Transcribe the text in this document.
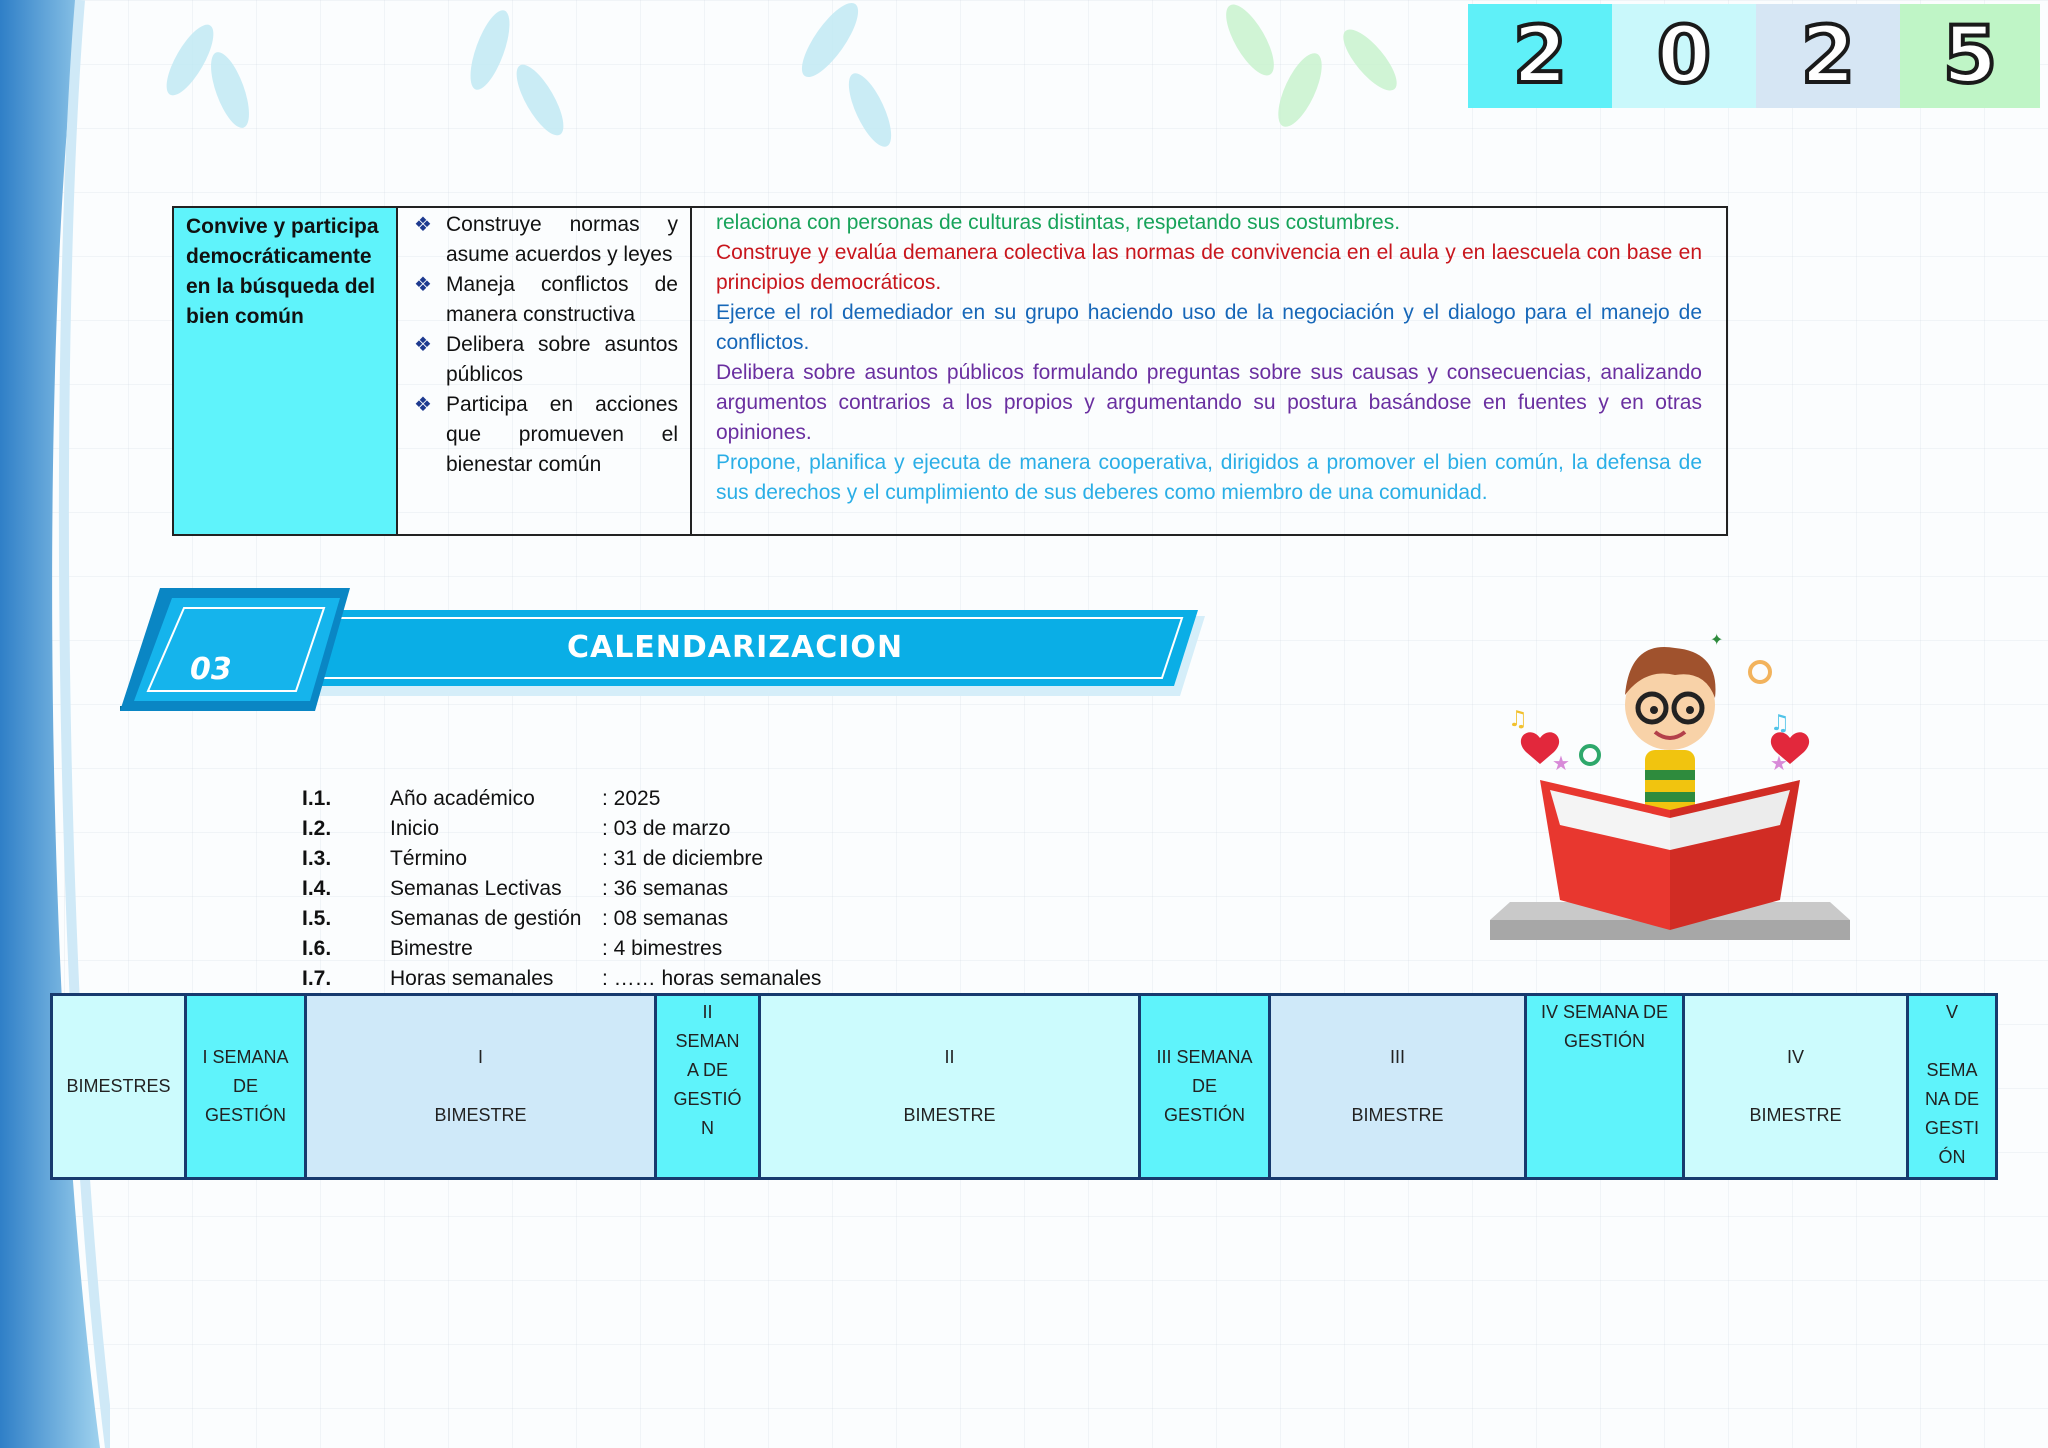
2	0	2	5
Convive y participa democráticamente en la búsqueda del bien común	
❖ Construye normas y asume acuerdos y leyes
❖ Maneja conflictos de manera constructiva
❖ Delibera sobre asuntos públicos
❖ Participa en acciones que promueven el bienestar común

relaciona con personas de culturas distintas, respetando sus costumbres.

Construye y evalúa demanera colectiva las normas de convivencia en el aula y en laescuela con base en principios democráticos.

Ejerce el rol demediador en su grupo haciendo uso de la negociación y el dialogo para el manejo de conflictos.

Delibera sobre asuntos públicos formulando preguntas sobre sus causas y consecuencias, analizando argumentos contrarios a los propios y argumentando su postura basándose en fuentes y en otras opiniones.

Propone, planifica y ejecuta de manera cooperativa, dirigidos a promover el bien común, la defensa de sus derechos y el cumplimiento de sus deberes como miembro de una comunidad.

03
CALENDARIZACION
I.1.	Año académico	: 2025
I.2.	Inicio	: 03 de marzo
I.3.	Término	: 31 de diciembre
I.4.	Semanas Lectivas	: 36 semanas
I.5.	Semanas de gestión : 08 semanas
I.6.	Bimestre	: 4 bimestres
I.7.	Horas semanales	: …… horas semanales
♫	♫
★	★
✦
BIMESTRES

I SEMANA
DE
GESTIÓN

I

BIMESTRE

II
SEMAN
A DE
GESTIÓ
N

II

BIMESTRE

III SEMANA
DE
GESTIÓN

III

BIMESTRE

IV SEMANA DE
GESTIÓN

IV

BIMESTRE

V

SEMA
NA DE
GESTI
ÓN
